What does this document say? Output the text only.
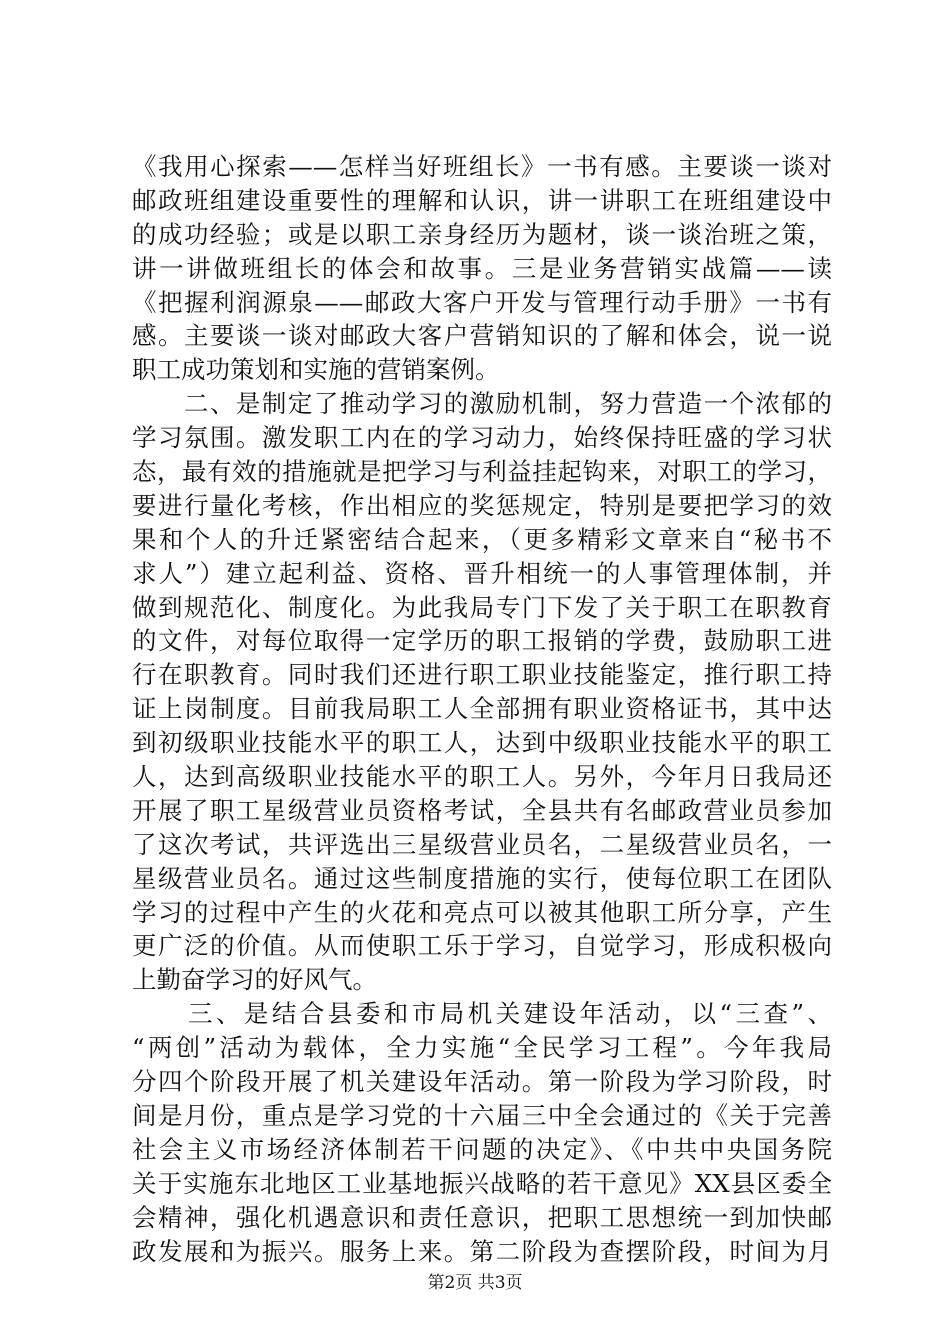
《我用心探索——怎样当好班组长》一书有感。主要谈一谈对
邮政班组建设重要性的理解和认识，讲一讲职工在班组建设中
的成功经验；或是以职工亲身经历为题材，谈一谈治班之策，
讲一讲做班组长的体会和故事。三是业务营销实战篇——读
《把握利润源泉——邮政大客户开发与管理行动手册》一书有
感。主要谈一谈对邮政大客户营销知识的了解和体会，说一说
职工成功策划和实施的营销案例。
　　二、是制定了推动学习的激励机制，努力营造一个浓郁的
学习氛围。激发职工内在的学习动力，始终保持旺盛的学习状
态，最有效的措施就是把学习与利益挂起钩来，对职工的学习，
要进行量化考核，作出相应的奖惩规定，特别是要把学习的效
果和个人的升迁紧密结合起来，（更多精彩文章来自“秘书不
求人”）建立起利益、资格、晋升相统一的人事管理体制，并
做到规范化、制度化。为此我局专门下发了关于职工在职教育
的文件，对每位取得一定学历的职工报销的学费，鼓励职工进
行在职教育。同时我们还进行职工职业技能鉴定，推行职工持
证上岗制度。目前我局职工人全部拥有职业资格证书，其中达
到初级职业技能水平的职工人，达到中级职业技能水平的职工
人，达到高级职业技能水平的职工人。另外，今年月日我局还
开展了职工星级营业员资格考试，全县共有名邮政营业员参加
了这次考试，共评选出三星级营业员名，二星级营业员名，一
星级营业员名。通过这些制度措施的实行，使每位职工在团队
学习的过程中产生的火花和亮点可以被其他职工所分享，产生
更广泛的价值。从而使职工乐于学习，自觉学习，形成积极向
上勤奋学习的好风气。
　　三、是结合县委和市局机关建设年活动，以“三查”、
“两创”活动为载体，全力实施“全民学习工程”。今年我局
分四个阶段开展了机关建设年活动。第一阶段为学习阶段，时
间是月份，重点是学习党的十六届三中全会通过的《关于完善
社会主义市场经济体制若干问题的决定》、《中共中央国务院
关于实施东北地区工业基地振兴战略的若干意见》XX县区委全
会精神，强化机遇意识和责任意识，把职工思想统一到加快邮
政发展和为振兴。服务上来。第二阶段为查摆阶段，时间为月
第2页 共3页
